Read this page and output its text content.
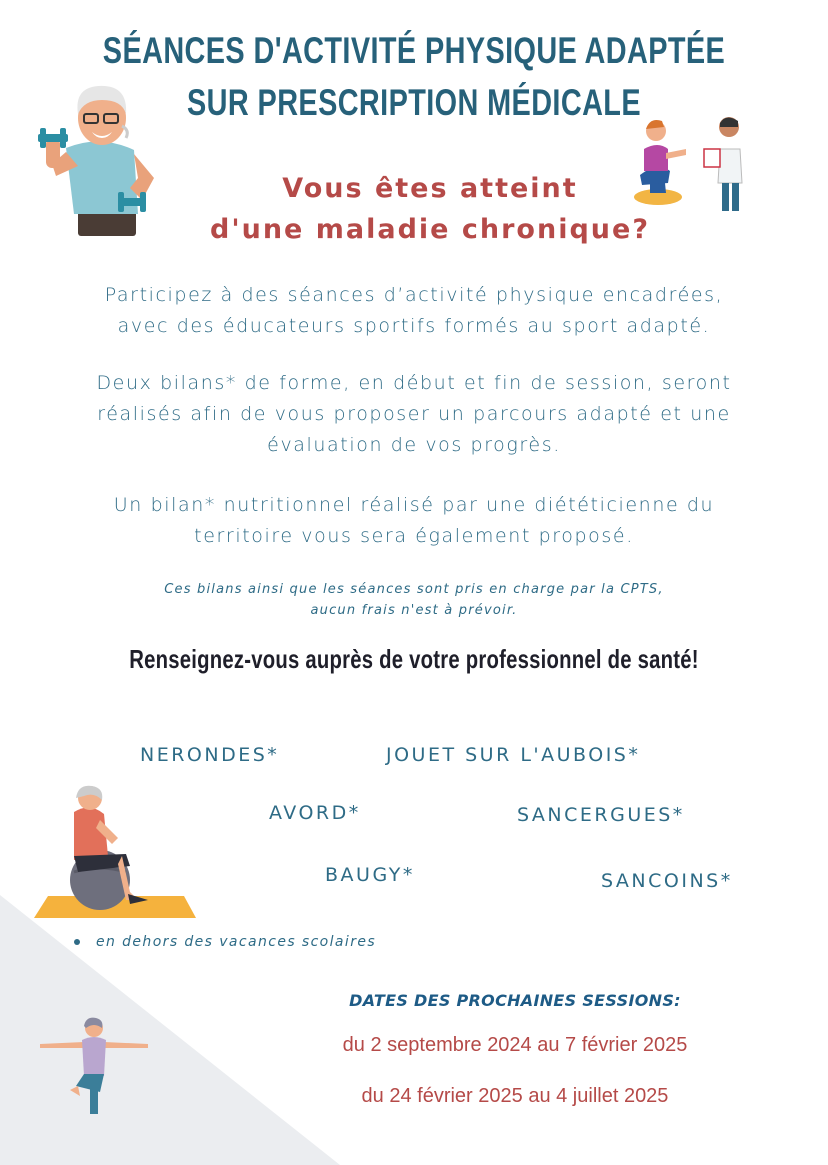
SÉANCES D'ACTIVITÉ PHYSIQUE ADAPTÉE
SUR PRESCRIPTION MÉDICALE
Vous êtes atteint
d'une maladie chronique?
Participez à des séances d’activité physique encadrées,
avec des éducateurs sportifs formés au sport adapté.
Deux bilans* de forme, en début et fin de session, seront
réalisés afin de vous proposer un parcours adapté et une
évaluation de vos progrès.
Un bilan* nutritionnel réalisé par une diététicienne du
territoire vous sera également proposé.
Ces bilans ainsi que les séances sont pris en charge par la CPTS,
aucun frais n'est à prévoir.
Renseignez-vous auprès de votre professionnel de santé!
NERONDES*	JOUET SUR L'AUBOIS*
AVORD*	SANCERGUES*
BAUGY*	SANCOINS*
en dehors des vacances scolaires
DATES DES PROCHAINES SESSIONS:
du 2 septembre 2024 au 7 février 2025
du 24 février 2025 au 4 juillet 2025
